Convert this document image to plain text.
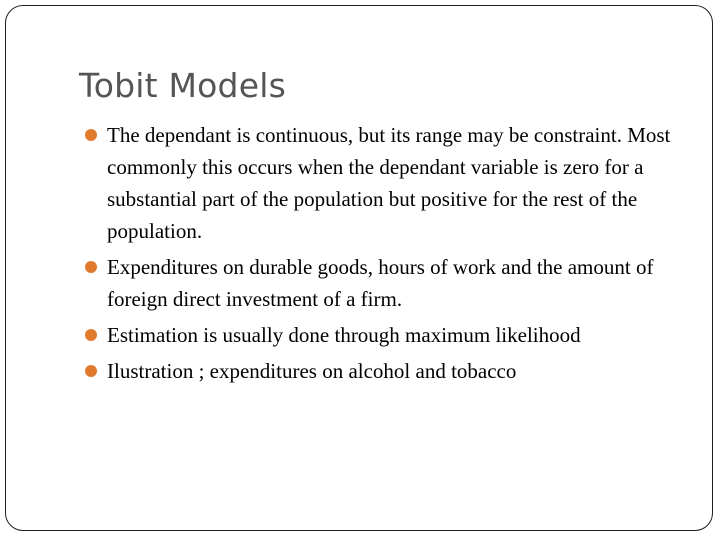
Tobit Models
The dependant is continuous, but its range may be constraint. Most commonly this occurs when the dependant variable is zero for a substantial part of the population but positive for the rest of the population.
Expenditures on durable goods, hours of work and the amount of foreign direct investment of a firm.
Estimation is usually done through maximum likelihood
Ilustration ; expenditures on alcohol and tobacco
